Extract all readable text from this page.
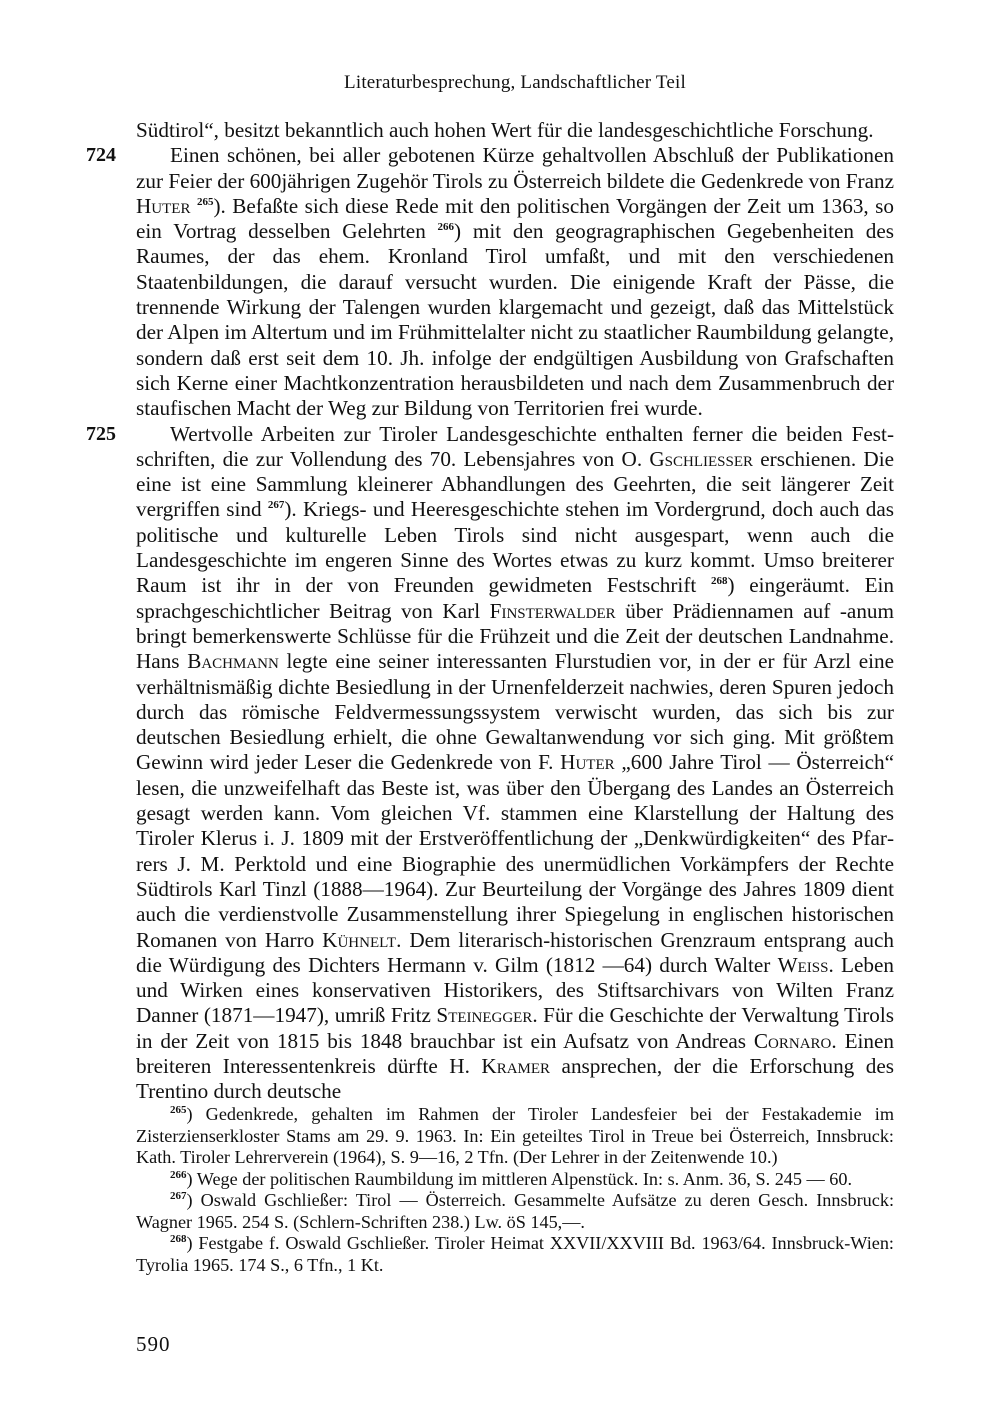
Literaturbesprechung, Landschaftlicher Teil

Südtirol“, besitzt bekanntlich auch hohen Wert für die landesgeschichtliche Forschung.

724	Einen schönen, bei aller gebotenen Kürze gehaltvollen Abschluß der Publikationen zur Feier der 600jährigen Zugehör Tirols zu Österreich bildete die Gedenkrede von Franz Huter $^{265}$). Befaßte sich diese Rede mit den politischen Vorgängen der Zeit um 1363, so ein Vortrag desselben Gelehrten $^{266}$) mit den geogragraphischen Gegebenheiten des Raumes, der das ehem. Kronland Tirol umfaßt, und mit den verschiedenen Staatenbildungen, die darauf versucht wurden. Die einigende Kraft der Pässe, die trennende Wirkung der Talengen wurden klargemacht und gezeigt, daß das Mittelstück der Alpen im Altertum und im Frühmittelalter nicht zu staatlicher Raumbildung gelangte, sondern daß erst seit dem 10. Jh. infolge der endgültigen Ausbildung von Grafschaften sich Kerne einer Machtkonzentration herausbildeten und nach dem Zusammenbruch der staufischen Macht der Weg zur Bildung von Territorien frei wurde.

725	Wertvolle Arbeiten zur Tiroler Landesgeschichte enthalten ferner die beiden Festschriften, die zur Vollendung des 70. Lebensjahres von O. Gschliesser erschienen. Die eine ist eine Sammlung kleinerer Abhandlungen des Geehrten, die seit längerer Zeit vergriffen sind $^{267}$). Kriegs- und Heeresgeschichte stehen im Vordergrund, doch auch das politische und kulturelle Leben Tirols sind nicht ausgespart, wenn auch die Landesgeschichte im engeren Sinne des Wortes etwas zu kurz kommt. Umso breiterer Raum ist ihr in der von Freunden gewidmeten Festschrift $^{268}$) eingeräumt. Ein sprachgeschichtlicher Beitrag von Karl Finsterwalder über Prädiennamen auf -anum bringt bemerkenswerte Schlüsse für die Frühzeit und die Zeit der deutschen Landnahme. Hans Bachmann legte eine seiner interessanten Flurstudien vor, in der er für Arzl eine verhältnismäßig dichte Besiedlung in der Urnenfelderzeit nachwies, deren Spuren jedoch durch das römische Feldvermessungssystem verwischt wurden, das sich bis zur deutschen Besiedlung erhielt, die ohne Gewaltanwendung vor sich ging. Mit größtem Gewinn wird jeder Leser die Gedenkrede von F. Huter „600 Jahre Tirol — Österreich“ lesen, die unzweifelhaft das Beste ist, was über den Übergang des Landes an Österreich gesagt werden kann. Vom gleichen Vf. stammen eine Klarstellung der Haltung des Tiroler Klerus i. J. 1809 mit der Erstveröffentlichung der „Denkwürdigkeiten“ des Pfarrers J. M. Perktold und eine Biographie des unermüdlichen Vorkämpfers der Rechte Südtirols Karl Tinzl (1888—1964). Zur Beurteilung der Vorgänge des Jahres 1809 dient auch die verdienstvolle Zusammenstellung ihrer Spiegelung in englischen historischen Romanen von Harro Kühnelt. Dem literarisch-historischen Grenzraum entsprang auch die Würdigung des Dichters Hermann v. Gilm (1812 —64) durch Walter Weiss. Leben und Wirken eines konservativen Historikers, des Stiftsarchivars von Wilten Franz Danner (1871—1947), umriß Fritz Steinegger. Für die Geschichte der Verwaltung Tirols in der Zeit von 1815 bis 1848 brauchbar ist ein Aufsatz von Andreas Cornaro. Einen breiteren Interessentenkreis dürfte H. Kramer ansprechen, der die Erforschung des Trentino durch deutsche

$^{265}$) Gedenkrede, gehalten im Rahmen der Tiroler Landesfeier bei der Festakademie im Zisterzienserkloster Stams am 29. 9. 1963. In: Ein geteiltes Tirol in Treue bei Österreich, Innsbruck: Kath. Tiroler Lehrerverein (1964), S. 9—16, 2 Tfn. (Der Lehrer in der Zeitenwende 10.)

$^{266}$) Wege der politischen Raumbildung im mittleren Alpenstück. In: s. Anm. 36, S. 245 — 60.

$^{267}$) Oswald Gschließer: Tirol — Österreich. Gesammelte Aufsätze zu deren Gesch. Innsbruck: Wagner 1965. 254 S. (Schlern-Schriften 238.) Lw. öS 145,—.

$^{268}$) Festgabe f. Oswald Gschließer. Tiroler Heimat XXVII/XXVIII Bd. 1963/64. Innsbruck-Wien: Tyrolia 1965. 174 S., 6 Tfn., 1 Kt.

590
